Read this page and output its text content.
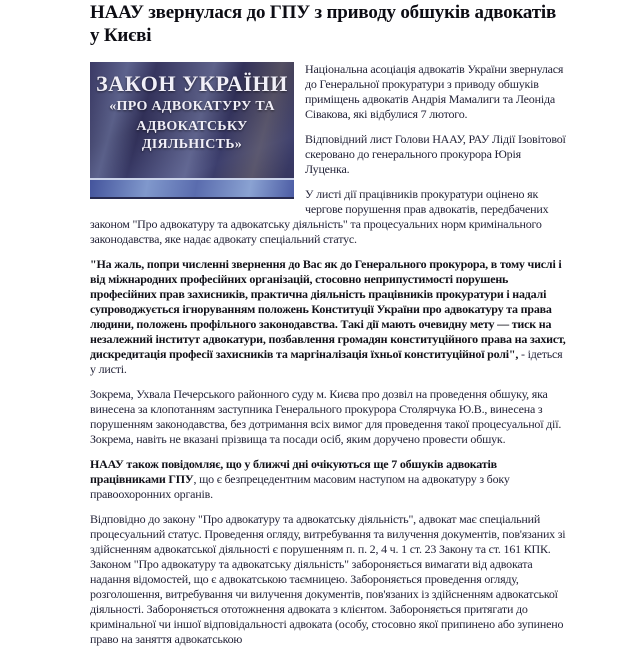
НААУ звернулася до ГПУ з приводу обшуків адвокатів у Києві
ЗАКОН УКРАЇНИ
«ПРО АДВОКАТУРУ ТА
АДВОКАТСЬКУ ДІЯЛЬНІСТЬ»

Національна асоціація адвокатів України звернулася до Генеральної прокуратури з приводу обшуків приміщень адвокатів Андрія Мамалиги та Леоніда Сівакова, які відбулися 7 лютого.

Відповідний лист Голови НААУ, РАУ Лідії Ізовітової скеровано до генерального прокурора Юрія Луценка.

У листі дії працівників прокуратури оцінено як чергове порушення прав адвокатів, передбачених законом "Про адвокатуру та адвокатську діяльність" та процесуальних норм кримінального законодавства, яке надає адвокату спеціальний статус.

"На жаль, попри численні звернення до Вас як до Генерального прокурора, в тому числі і від міжнародних професійних організацій, стосовно неприпустимості порушень професійних прав захисників, практична діяльність працівників прокуратури і надалі супроводжується ігноруванням положень Конституції України про адвокатуру та права людини, положень профільного законодавства. Такі дії мають очевидну мету — тиск на незалежний інститут адвокатури, позбавлення громадян конституційного права на захист, дискредитація професії захисників та маргіналізація їхньої конституційної ролі", - ідеться у листі.

Зокрема, Ухвала Печерського районного суду м. Києва про дозвіл на проведення обшуку, яка винесена за клопотанням заступника Генерального прокурора Столярчука Ю.В., винесена з порушенням законодавства, без дотримання всіх вимог для проведення такої процесуальної дії. Зокрема, навіть не вказані прізвища та посади осіб, яким доручено провести обшук.

НААУ також повідомляє, що у ближчі дні очікуються ще 7 обшуків адвокатів працівниками ГПУ, що є безпрецедентним масовим наступом на адвокатуру з боку правоохоронних органів.

Відповідно до закону "Про адвокатуру та адвокатську діяльність", адвокат має спеціальний процесуальний статус. Проведення огляду, витребування та вилучення документів, пов'язаних зі здійсненням адвокатської діяльності є порушенням п. п. 2, 4 ч. 1 ст. 23 Закону та ст. 161 КПК. Законом "Про адвокатуру та адвокатську діяльність" забороняється вимагати від адвоката надання відомостей, що є адвокатською таємницею. Забороняється проведення огляду, розголошення, витребування чи вилучення документів, пов'язаних із здійсненням адвокатської діяльності. Забороняється ототожнення адвоката з клієнтом. Забороняється притягати до кримінальної чи іншої відповідальності адвоката (особу, стосовно якої припинено або зупинено право на заняття адвокатською
